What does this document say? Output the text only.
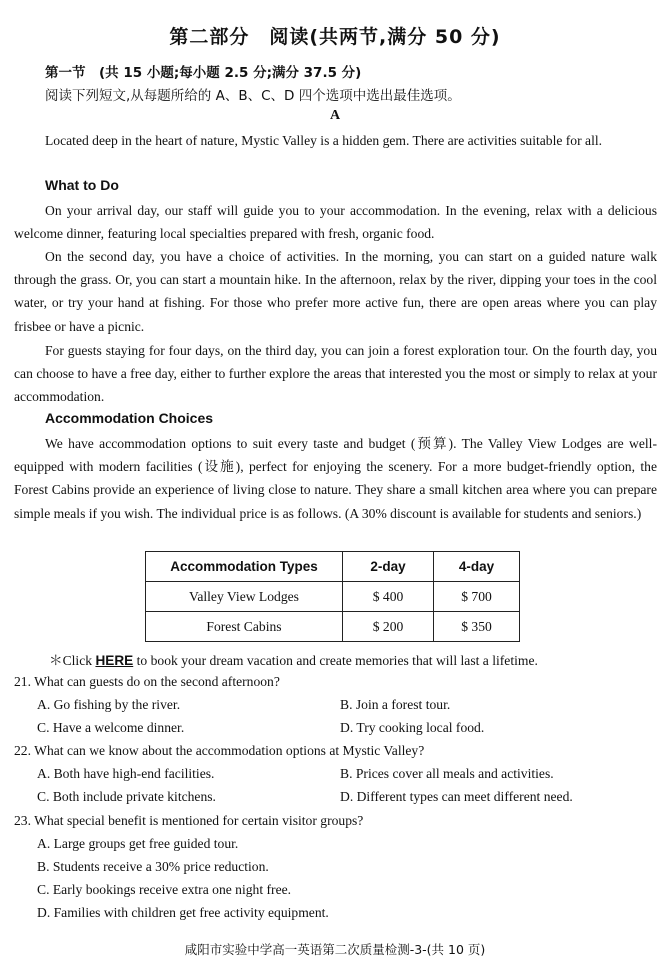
第二部分　阅读(共两节,满分 50 分)
第一节　(共 15 小题;每小题 2.5 分;满分 37.5 分)
阅读下列短文,从每题所给的 A、B、C、D 四个选项中选出最佳选项。
A
Located deep in the heart of nature, Mystic Valley is a hidden gem. There are activities suitable for all.
What to Do
On your arrival day, our staff will guide you to your accommodation. In the evening, relax with a delicious welcome dinner, featuring local specialties prepared with fresh, organic food.
On the second day, you have a choice of activities. In the morning, you can start on a guided nature walk through the grass. Or, you can start a mountain hike. In the afternoon, relax by the river, dipping your toes in the cool water, or try your hand at fishing. For those who prefer more active fun, there are open areas where you can play frisbee or have a picnic.
For guests staying for four days, on the third day, you can join a forest exploration tour. On the fourth day, you can choose to have a free day, either to further explore the areas that interested you the most or simply to relax at your accommodation.
Accommodation Choices
We have accommodation options to suit every taste and budget (预算). The Valley View Lodges are well-equipped with modern facilities (设施), perfect for enjoying the scenery. For a more budget-friendly option, the Forest Cabins provide an experience of living close to nature. They share a small kitchen area where you can prepare simple meals if you wish. The individual price is as follows. (A 30% discount is available for students and seniors.)
Accommodation Types	2-day	4-day
Valley View Lodges	$ 400	$ 700
Forest Cabins	$ 200	$ 350
＊Click HERE to book your dream vacation and create memories that will last a lifetime.
21. What can guests do on the second afternoon?
A. Go fishing by the river.	B. Join a forest tour.
C. Have a welcome dinner.	D. Try cooking local food.
22. What can we know about the accommodation options at Mystic Valley?
A. Both have high-end facilities.	B. Prices cover all meals and activities.
C. Both include private kitchens.	D. Different types can meet different need.
23. What special benefit is mentioned for certain visitor groups?
A. Large groups get free guided tour.
B. Students receive a 30% price reduction.
C. Early bookings receive extra one night free.
D. Families with children get free activity equipment.
咸阳市实验中学高一英语第二次质量检测-3-(共 10 页)
